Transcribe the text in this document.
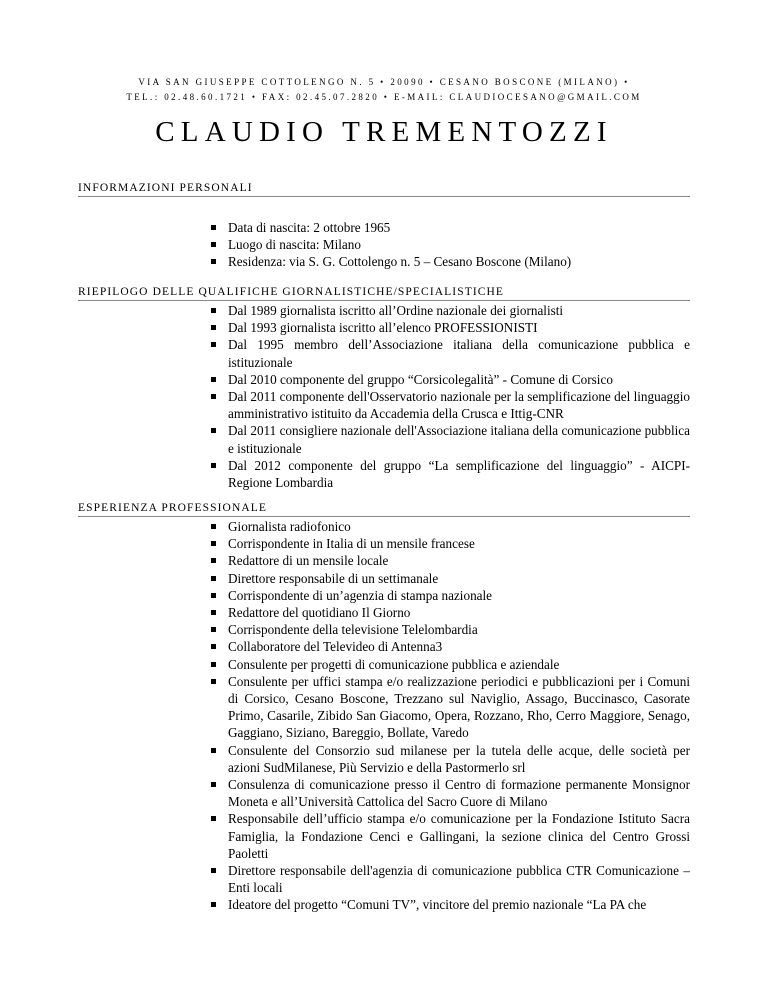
VIA SAN GIUSEPPE COTTOLENGO N. 5 • 20090 • CESANO BOSCONE (MILANO) •
TEL.: 02.48.60.1721 • FAX: 02.45.07.2820 • E-MAIL: CLAUDIOCESANO@GMAIL.COM
CLAUDIO TREMENTOZZI
INFORMAZIONI PERSONALI
Data di nascita: 2 ottobre 1965
Luogo di nascita: Milano
Residenza: via S. G. Cottolengo n. 5 – Cesano Boscone (Milano)
RIEPILOGO DELLE QUALIFICHE GIORNALISTICHE/SPECIALISTICHE
Dal 1989 giornalista iscritto all’Ordine nazionale dei giornalisti
Dal 1993 giornalista iscritto all’elenco PROFESSIONISTI
Dal 1995 membro dell’Associazione italiana della comunicazione pubblica e istituzionale
Dal 2010 componente del gruppo “Corsicolegalità” - Comune di Corsico
Dal 2011 componente dell'Osservatorio nazionale per la semplificazione del linguaggio amministrativo istituito da Accademia della Crusca e Ittig-CNR
Dal 2011 consigliere nazionale dell'Associazione italiana della comunicazione pubblica e istituzionale
Dal 2012 componente del gruppo “La semplificazione del linguaggio” - AICPI-Regione Lombardia
ESPERIENZA PROFESSIONALE
Giornalista radiofonico
Corrispondente in Italia di un mensile francese
Redattore di un mensile locale
Direttore responsabile di un settimanale
Corrispondente di un’agenzia di stampa nazionale
Redattore del quotidiano Il Giorno
Corrispondente della televisione Telelombardia
Collaboratore del Televideo di Antenna3
Consulente per progetti di comunicazione pubblica e aziendale
Consulente per uffici stampa e/o realizzazione periodici e pubblicazioni per i Comuni di Corsico, Cesano Boscone, Trezzano sul Naviglio, Assago, Buccinasco, Casorate Primo, Casarile, Zibido San Giacomo, Opera, Rozzano, Rho, Cerro Maggiore, Senago, Gaggiano, Siziano, Bareggio, Bollate, Varedo
Consulente del Consorzio sud milanese per la tutela delle acque, delle società per azioni SudMilanese, Più Servizio e della Pastormerlo srl
Consulenza di comunicazione presso il Centro di formazione permanente Monsignor Moneta e all’Università Cattolica del Sacro Cuore di Milano
Responsabile dell’ufficio stampa e/o comunicazione per la Fondazione Istituto Sacra Famiglia, la Fondazione Cenci e Gallingani, la sezione clinica del Centro Grossi Paoletti
Direttore responsabile dell'agenzia di comunicazione pubblica CTR Comunicazione – Enti locali
Ideatore del progetto “Comuni TV”, vincitore del premio nazionale “La PA che
